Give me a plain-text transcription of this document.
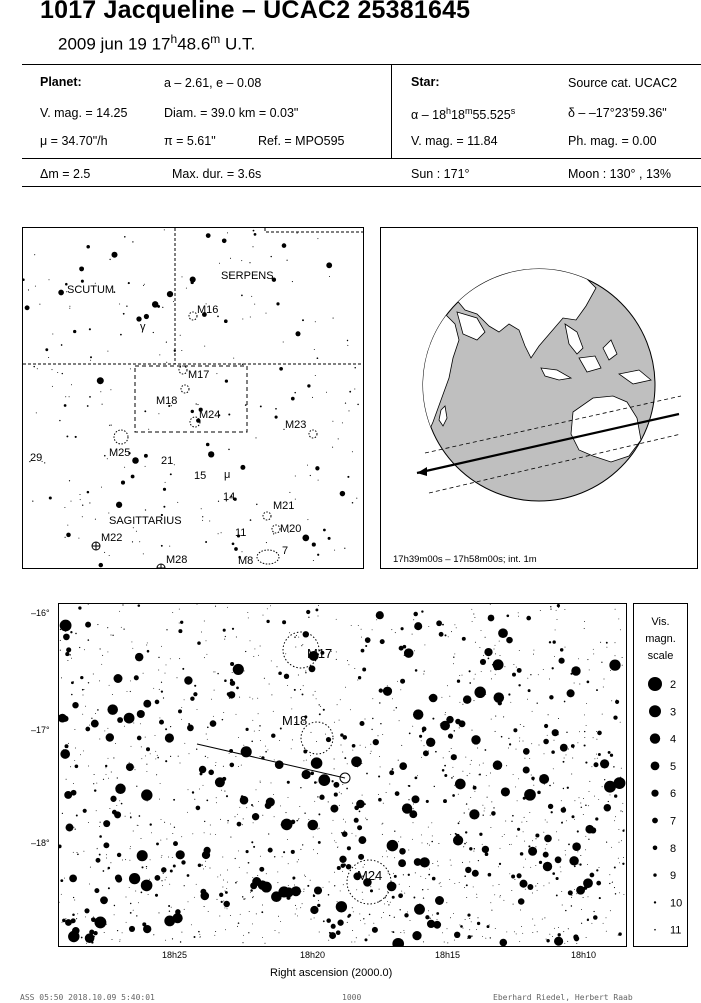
1017 Jacqueline – UCAC2 25381645
2009 jun 19 17$^h$48.6$^m$ U.T.
Planet:	a – 2.61, e – 0.08
V. mag. = 14.25	Diam. = 39.0 km = 0.03"
μ = 34.70"/h	π = 5.61"	Ref. = MPO595
Star:	Source cat. UCAC2
α – 18$^h$18$^m$55.525$^s$	δ – –17°23'59.36"
V. mag. = 11.84	Ph. mag. = 0.00
Δm = 2.5	Max. dur. = 3.6s	Sun : 171°	Moon : 130° , 13%
SCUTUM
SERPENS
SAGITTARIUS
M16
M17
M18
M24
M23
M25
M21
M20
M22
M28	M8
γ
μ
29	21
15
14
11
7
17h39m00s – 17h58m00s; int. 1m
M17
M18
M24
–16°
–17°
–18°
18h25	18h20	18h15	18h10
Right ascension (2000.0)
Vis.
magn.
scale
2
3
4
5
6
7
8
9
10
11
ASS 05:50 2018.10.09 5:40:01	1000	Eberhard Riedel, Herbert Raab
